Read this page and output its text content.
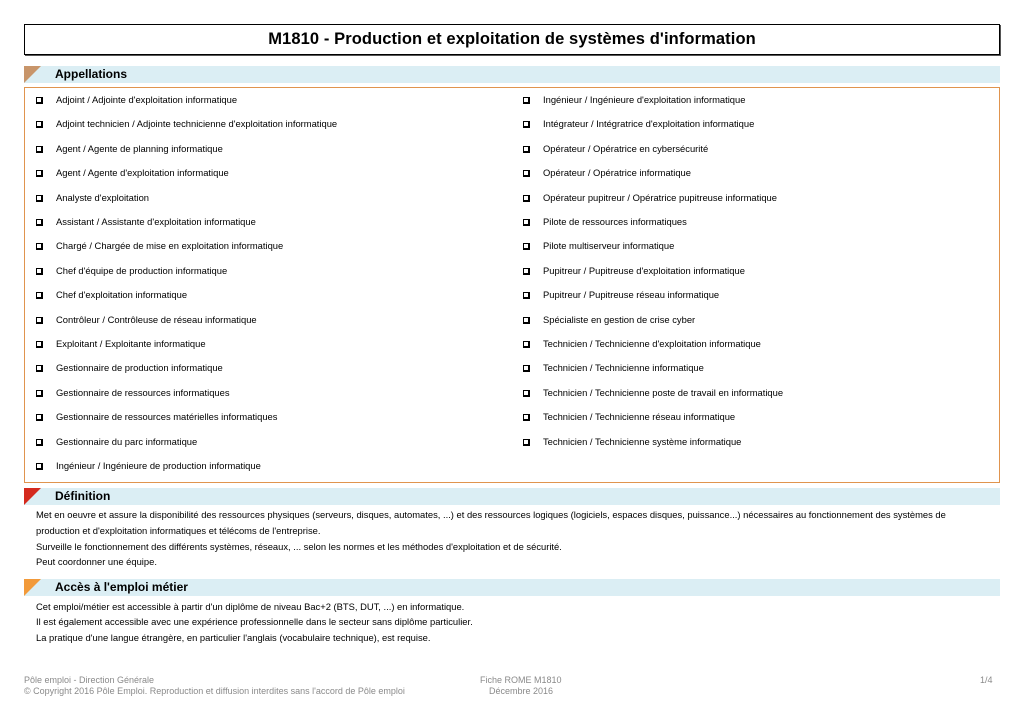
M1810 - Production et exploitation de systèmes d'information
Appellations
Adjoint / Adjointe d'exploitation informatique
Adjoint technicien / Adjointe technicienne d'exploitation informatique
Agent / Agente de planning informatique
Agent / Agente d'exploitation informatique
Analyste d'exploitation
Assistant / Assistante d'exploitation informatique
Chargé / Chargée de mise en exploitation informatique
Chef d'équipe de production informatique
Chef d'exploitation informatique
Contrôleur / Contrôleuse de réseau informatique
Exploitant / Exploitante informatique
Gestionnaire de production informatique
Gestionnaire de ressources informatiques
Gestionnaire de ressources matérielles informatiques
Gestionnaire du parc informatique
Ingénieur / Ingénieure de production informatique
Ingénieur / Ingénieure d'exploitation informatique
Intégrateur / Intégratrice d'exploitation informatique
Opérateur / Opératrice en cybersécurité
Opérateur / Opératrice informatique
Opérateur pupitreur / Opératrice pupitreuse informatique
Pilote de ressources informatiques
Pilote multiserveur informatique
Pupitreur / Pupitreuse d'exploitation informatique
Pupitreur / Pupitreuse réseau informatique
Spécialiste en gestion de crise cyber
Technicien / Technicienne d'exploitation informatique
Technicien / Technicienne informatique
Technicien / Technicienne poste de travail en informatique
Technicien / Technicienne réseau informatique
Technicien / Technicienne système informatique
Définition
Met en oeuvre et assure la disponibilité des ressources physiques (serveurs, disques, automates, ...) et des ressources logiques (logiciels, espaces disques, puissance...) nécessaires au fonctionnement des systèmes de
production et d'exploitation informatiques et télécoms de l'entreprise.
Surveille le fonctionnement des différents systèmes, réseaux, ... selon les normes et les méthodes d'exploitation et de sécurité.
Peut coordonner une équipe.
Accès à l'emploi métier
Cet emploi/métier est accessible à partir d'un diplôme de niveau Bac+2 (BTS, DUT, ...) en informatique.
Il est également accessible avec une expérience professionnelle dans le secteur sans diplôme particulier.
La pratique d'une langue étrangère, en particulier l'anglais (vocabulaire technique), est requise.
Pôle emploi - Direction Générale
© Copyright 2016 Pôle Emploi. Reproduction et diffusion interdites sans l'accord de Pôle emploi
Fiche ROME M1810
Décembre 2016
1/4
